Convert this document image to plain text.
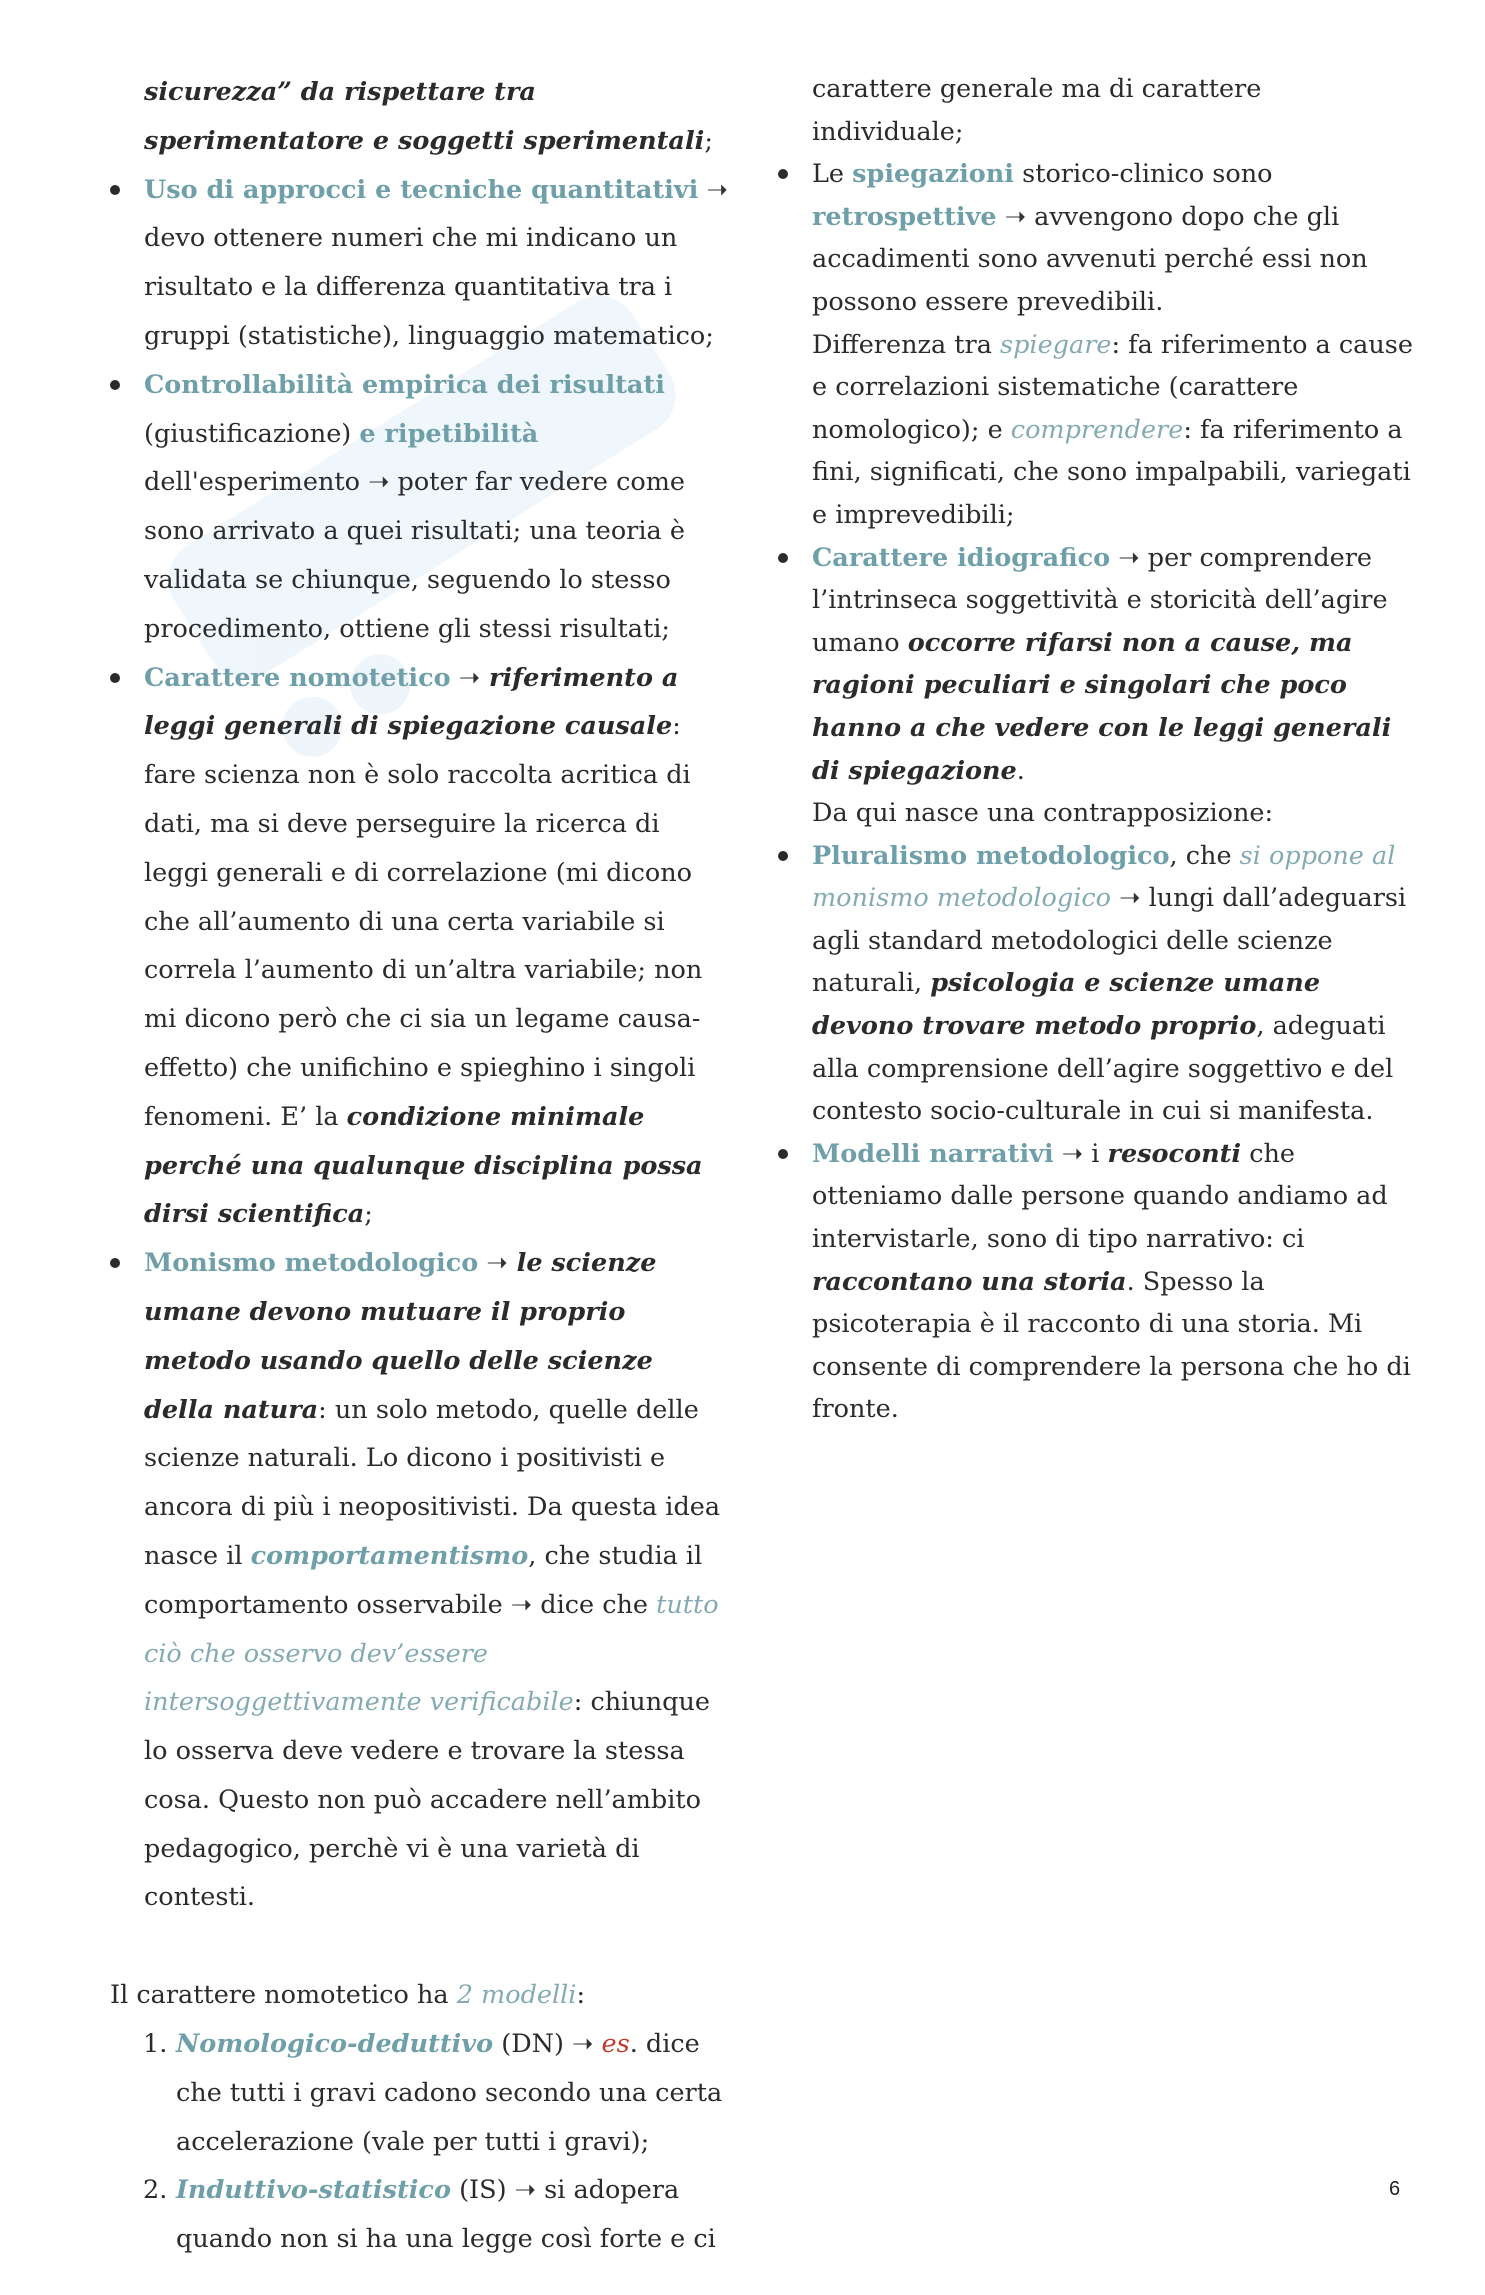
sicurezza” da rispettare tra sperimentatore e soggetti sperimentali;

Uso di approcci e tecniche quantitativi ➝ devo ottenere numeri che mi indicano un risultato e la differenza quantitativa tra i gruppi (statistiche), linguaggio matematico;
Controllabilità empirica dei risultati (giustificazione) e ripetibilità dell'esperimento ➝ poter far vedere come sono arrivato a quei risultati; una teoria è validata se chiunque, seguendo lo stesso procedimento, ottiene gli stessi risultati;
Carattere nomotetico ➝ riferimento a leggi generali di spiegazione causale: fare scienza non è solo raccolta acritica di dati, ma si deve perseguire la ricerca di leggi generali e di correlazione (mi dicono che all’aumento di una certa variabile si correla l’aumento di un’altra variabile; non mi dicono però che ci sia un legame causa-effetto) che unifichino e spieghino i singoli fenomeni. E’ la condizione minimale perché una qualunque disciplina possa dirsi scientifica;
Monismo metodologico ➝ le scienze umane devono mutuare il proprio metodo usando quello delle scienze della natura: un solo metodo, quelle delle scienze naturali. Lo dicono i positivisti e ancora di più i neopositivisti. Da questa idea nasce il comportamentismo, che studia il comportamento osservabile ➝ dice che tutto ciò che osservo dev’essere intersoggettivamente verificabile: chiunque lo osserva deve vedere e trovare la stessa cosa. Questo non può accadere nell’ambito pedagogico, perchè vi è una varietà di contesti.

Il carattere nomotetico ha 2 modelli:

Nomologico-deduttivo (DN) ➝ es. dice che tutti i gravi cadono secondo una certa accelerazione (vale per tutti i gravi);
Induttivo-statistico (IS) ➝ si adopera quando non si ha una legge così forte e ci

carattere generale ma di carattere individuale;

Le spiegazioni storico-clinico sono retrospettive ➝ avvengono dopo che gli accadimenti sono avvenuti perché essi non possono essere prevedibili.

Differenza tra spiegare: fa riferimento a cause e correlazioni sistematiche (carattere nomologico); e comprendere: fa riferimento a fini, significati, che sono impalpabili, variegati e imprevedibili;

Carattere idiografico ➝ per comprendere l’intrinseca soggettività e storicità dell’agire umano occorre rifarsi non a cause, ma ragioni peculiari e singolari che poco hanno a che vedere con le leggi generali di spiegazione.

Da qui nasce una contrapposizione:

Pluralismo metodologico, che si oppone al monismo metodologico ➝ lungi dall’adeguarsi agli standard metodologici delle scienze naturali, psicologia e scienze umane devono trovare metodo proprio, adeguati alla comprensione dell’agire soggettivo e del contesto socio-culturale in cui si manifesta.
Modelli narrativi ➝ i resoconti che otteniamo dalle persone quando andiamo ad intervistarle, sono di tipo narrativo: ci raccontano una storia. Spesso la psicoterapia è il racconto di una storia. Mi consente di comprendere la persona che ho di fronte.
6
